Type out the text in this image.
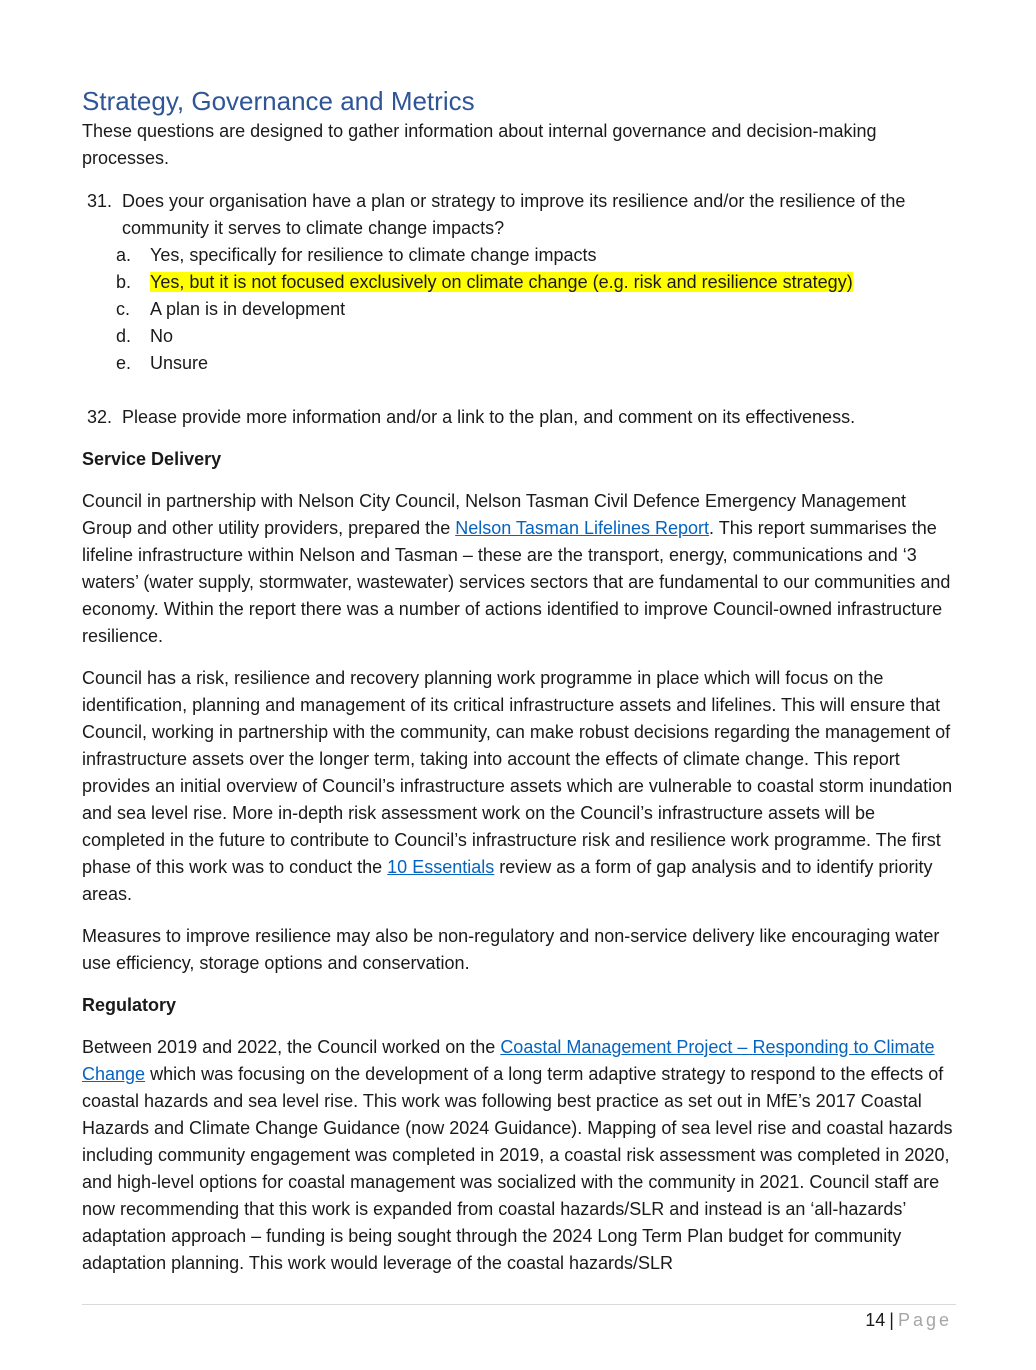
Strategy, Governance and Metrics

These questions are designed to gather information about internal governance and decision-making processes.

31. Does your organisation have a plan or strategy to improve its resilience and/or the resilience of the community it serves to climate change impacts?
a. Yes, specifically for resilience to climate change impacts
b. Yes, but it is not focused exclusively on climate change (e.g. risk and resilience strategy)
c. A plan is in development
d. No
e. Unsure
32. Please provide more information and/or a link to the plan, and comment on its effectiveness.

Service Delivery

Council in partnership with Nelson City Council, Nelson Tasman Civil Defence Emergency Management Group and other utility providers, prepared the Nelson Tasman Lifelines Report. This report summarises the lifeline infrastructure within Nelson and Tasman – these are the transport, energy, communications and ‘3 waters’ (water supply, stormwater, wastewater) services sectors that are fundamental to our communities and economy. Within the report there was a number of actions identified to improve Council-owned infrastructure resilience.

Council has a risk, resilience and recovery planning work programme in place which will focus on the identification, planning and management of its critical infrastructure assets and lifelines. This will ensure that Council, working in partnership with the community, can make robust decisions regarding the management of infrastructure assets over the longer term, taking into account the effects of climate change. This report provides an initial overview of Council’s infrastructure assets which are vulnerable to coastal storm inundation and sea level rise. More in-depth risk assessment work on the Council’s infrastructure assets will be completed in the future to contribute to Council’s infrastructure risk and resilience work programme. The first phase of this work was to conduct the 10 Essentials review as a form of gap analysis and to identify priority areas.

Measures to improve resilience may also be non-regulatory and non-service delivery like encouraging water use efficiency, storage options and conservation.

Regulatory

Between 2019 and 2022, the Council worked on the Coastal Management Project – Responding to Climate Change which was focusing on the development of a long term adaptive strategy to respond to the effects of coastal hazards and sea level rise. This work was following best practice as set out in MfE’s 2017 Coastal Hazards and Climate Change Guidance (now 2024 Guidance). Mapping of sea level rise and coastal hazards including community engagement was completed in 2019, a coastal risk assessment was completed in 2020, and high-level options for coastal management was socialized with the community in 2021. Council staff are now recommending that this work is expanded from coastal hazards/SLR and instead is an ‘all-hazards’ adaptation approach – funding is being sought through the 2024 Long Term Plan budget for community adaptation planning. This work would leverage of the coastal hazards/SLR

14 | Page
